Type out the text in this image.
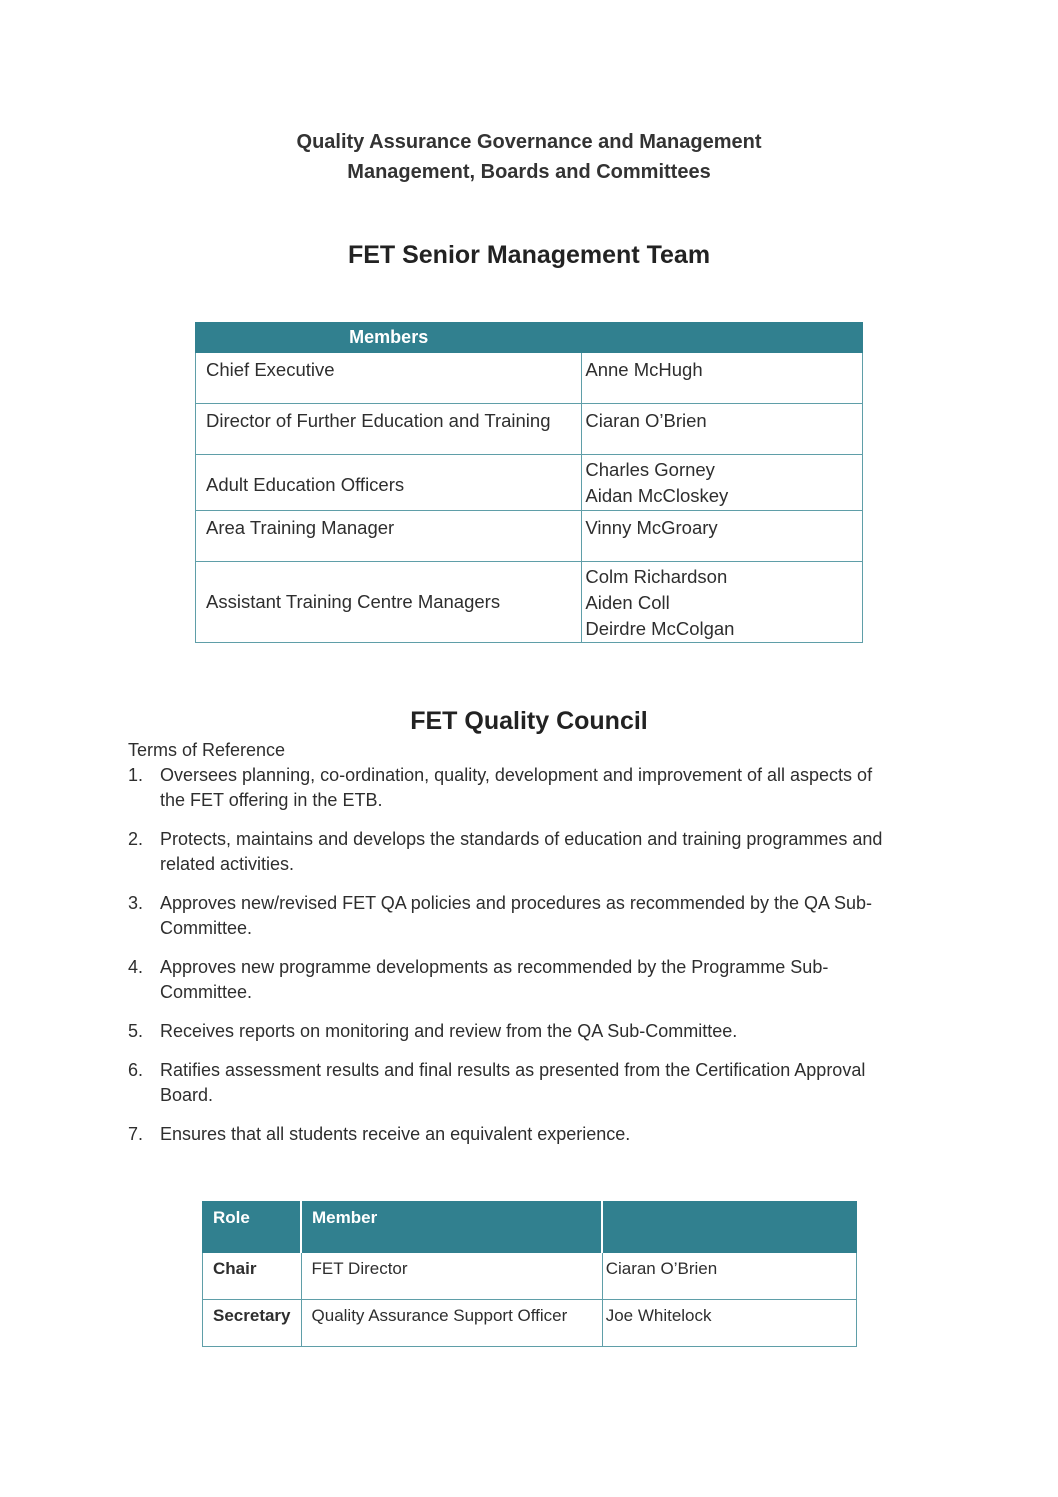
Quality Assurance Governance and Management
Management, Boards and Committees
FET Senior Management Team
Members	
Chief Executive	Anne McHugh

Director of Further Education and Training	Ciaran O’Brien

Adult Education Officers	Charles Gorney
Aidan McCloskey

Area Training Manager	Vinny McGroary

Assistant Training Centre Managers	Colm Richardson
Aiden Coll
Deirdre McColgan
FET Quality Council
Terms of Reference
1. Oversees planning, co-ordination, quality, development and improvement of all aspects of
the FET offering in the ETB.
2. Protects, maintains and develops the standards of education and training programmes and
related activities.
3. Approves new/revised FET QA policies and procedures as recommended by the QA Sub-
Committee.
4. Approves new programme developments as recommended by the Programme Sub-
Committee.
5. Receives reports on monitoring and review from the QA Sub-Committee.
6. Ratifies assessment results and final results as presented from the Certification Approval
Board.
7. Ensures that all students receive an equivalent experience.
Role	Member	
Chair	FET Director	Ciaran O’Brien
Secretary	Quality Assurance Support Officer	Joe Whitelock
